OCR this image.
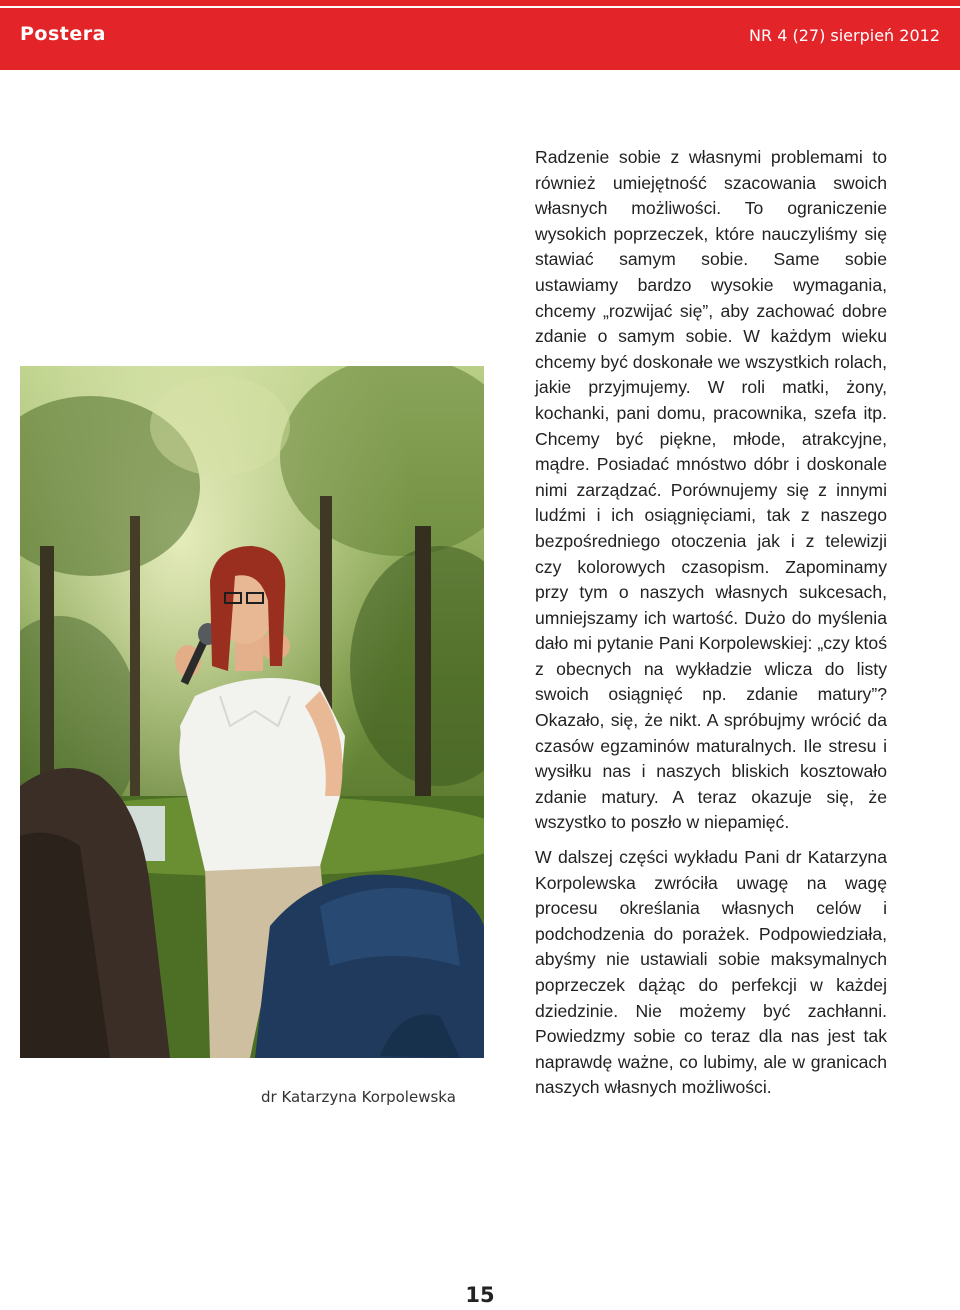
Postera	NR 4 (27) sierpień 2012
dr Katarzyna Korpolewska

Radzenie sobie z własnymi problemami to również umiejętność szacowania swoich własnych możliwości. To ograniczenie wysokich poprzeczek, które nauczyliśmy się stawiać samym sobie. Same sobie ustawiamy bardzo wysokie wymagania, chcemy „rozwijać się”, aby zachować dobre zdanie o samym sobie. W każdym wieku chcemy być doskonałe we wszystkich rolach, jakie przyjmujemy. W roli matki, żony, kochanki, pani domu, pracownika, szefa itp. Chcemy być piękne, młode, atrakcyjne, mądre. Posiadać mnóstwo dóbr i doskonale nimi zarządzać. Porównujemy się z innymi ludźmi i ich osiągnięciami, tak z naszego bezpośredniego otoczenia jak i z telewizji czy kolorowych czasopism. Zapominamy przy tym o naszych własnych sukcesach, umniejszamy ich wartość. Dużo do myślenia dało mi pytanie Pani Korpolewskiej: „czy ktoś z obecnych na wykładzie wlicza do listy swoich osiągnięć np. zdanie matury”? Okazało, się, że nikt. A spróbujmy wrócić da czasów egzaminów maturalnych. Ile stresu i wysiłku nas i naszych bliskich kosztowało zdanie matury. A teraz okazuje się, że wszystko to poszło w niepamięć.

W dalszej części wykładu Pani dr Katarzyna Korpolewska zwróciła uwagę na wagę procesu określania własnych celów i podchodzenia do porażek. Podpowiedziała, abyśmy nie ustawiali sobie maksymalnych poprzeczek dążąc do perfekcji w każdej dziedzinie. Nie możemy być zachłanni. Powiedzmy sobie co teraz dla nas jest tak naprawdę ważne, co lubimy, ale w granicach naszych własnych możliwości.

15
